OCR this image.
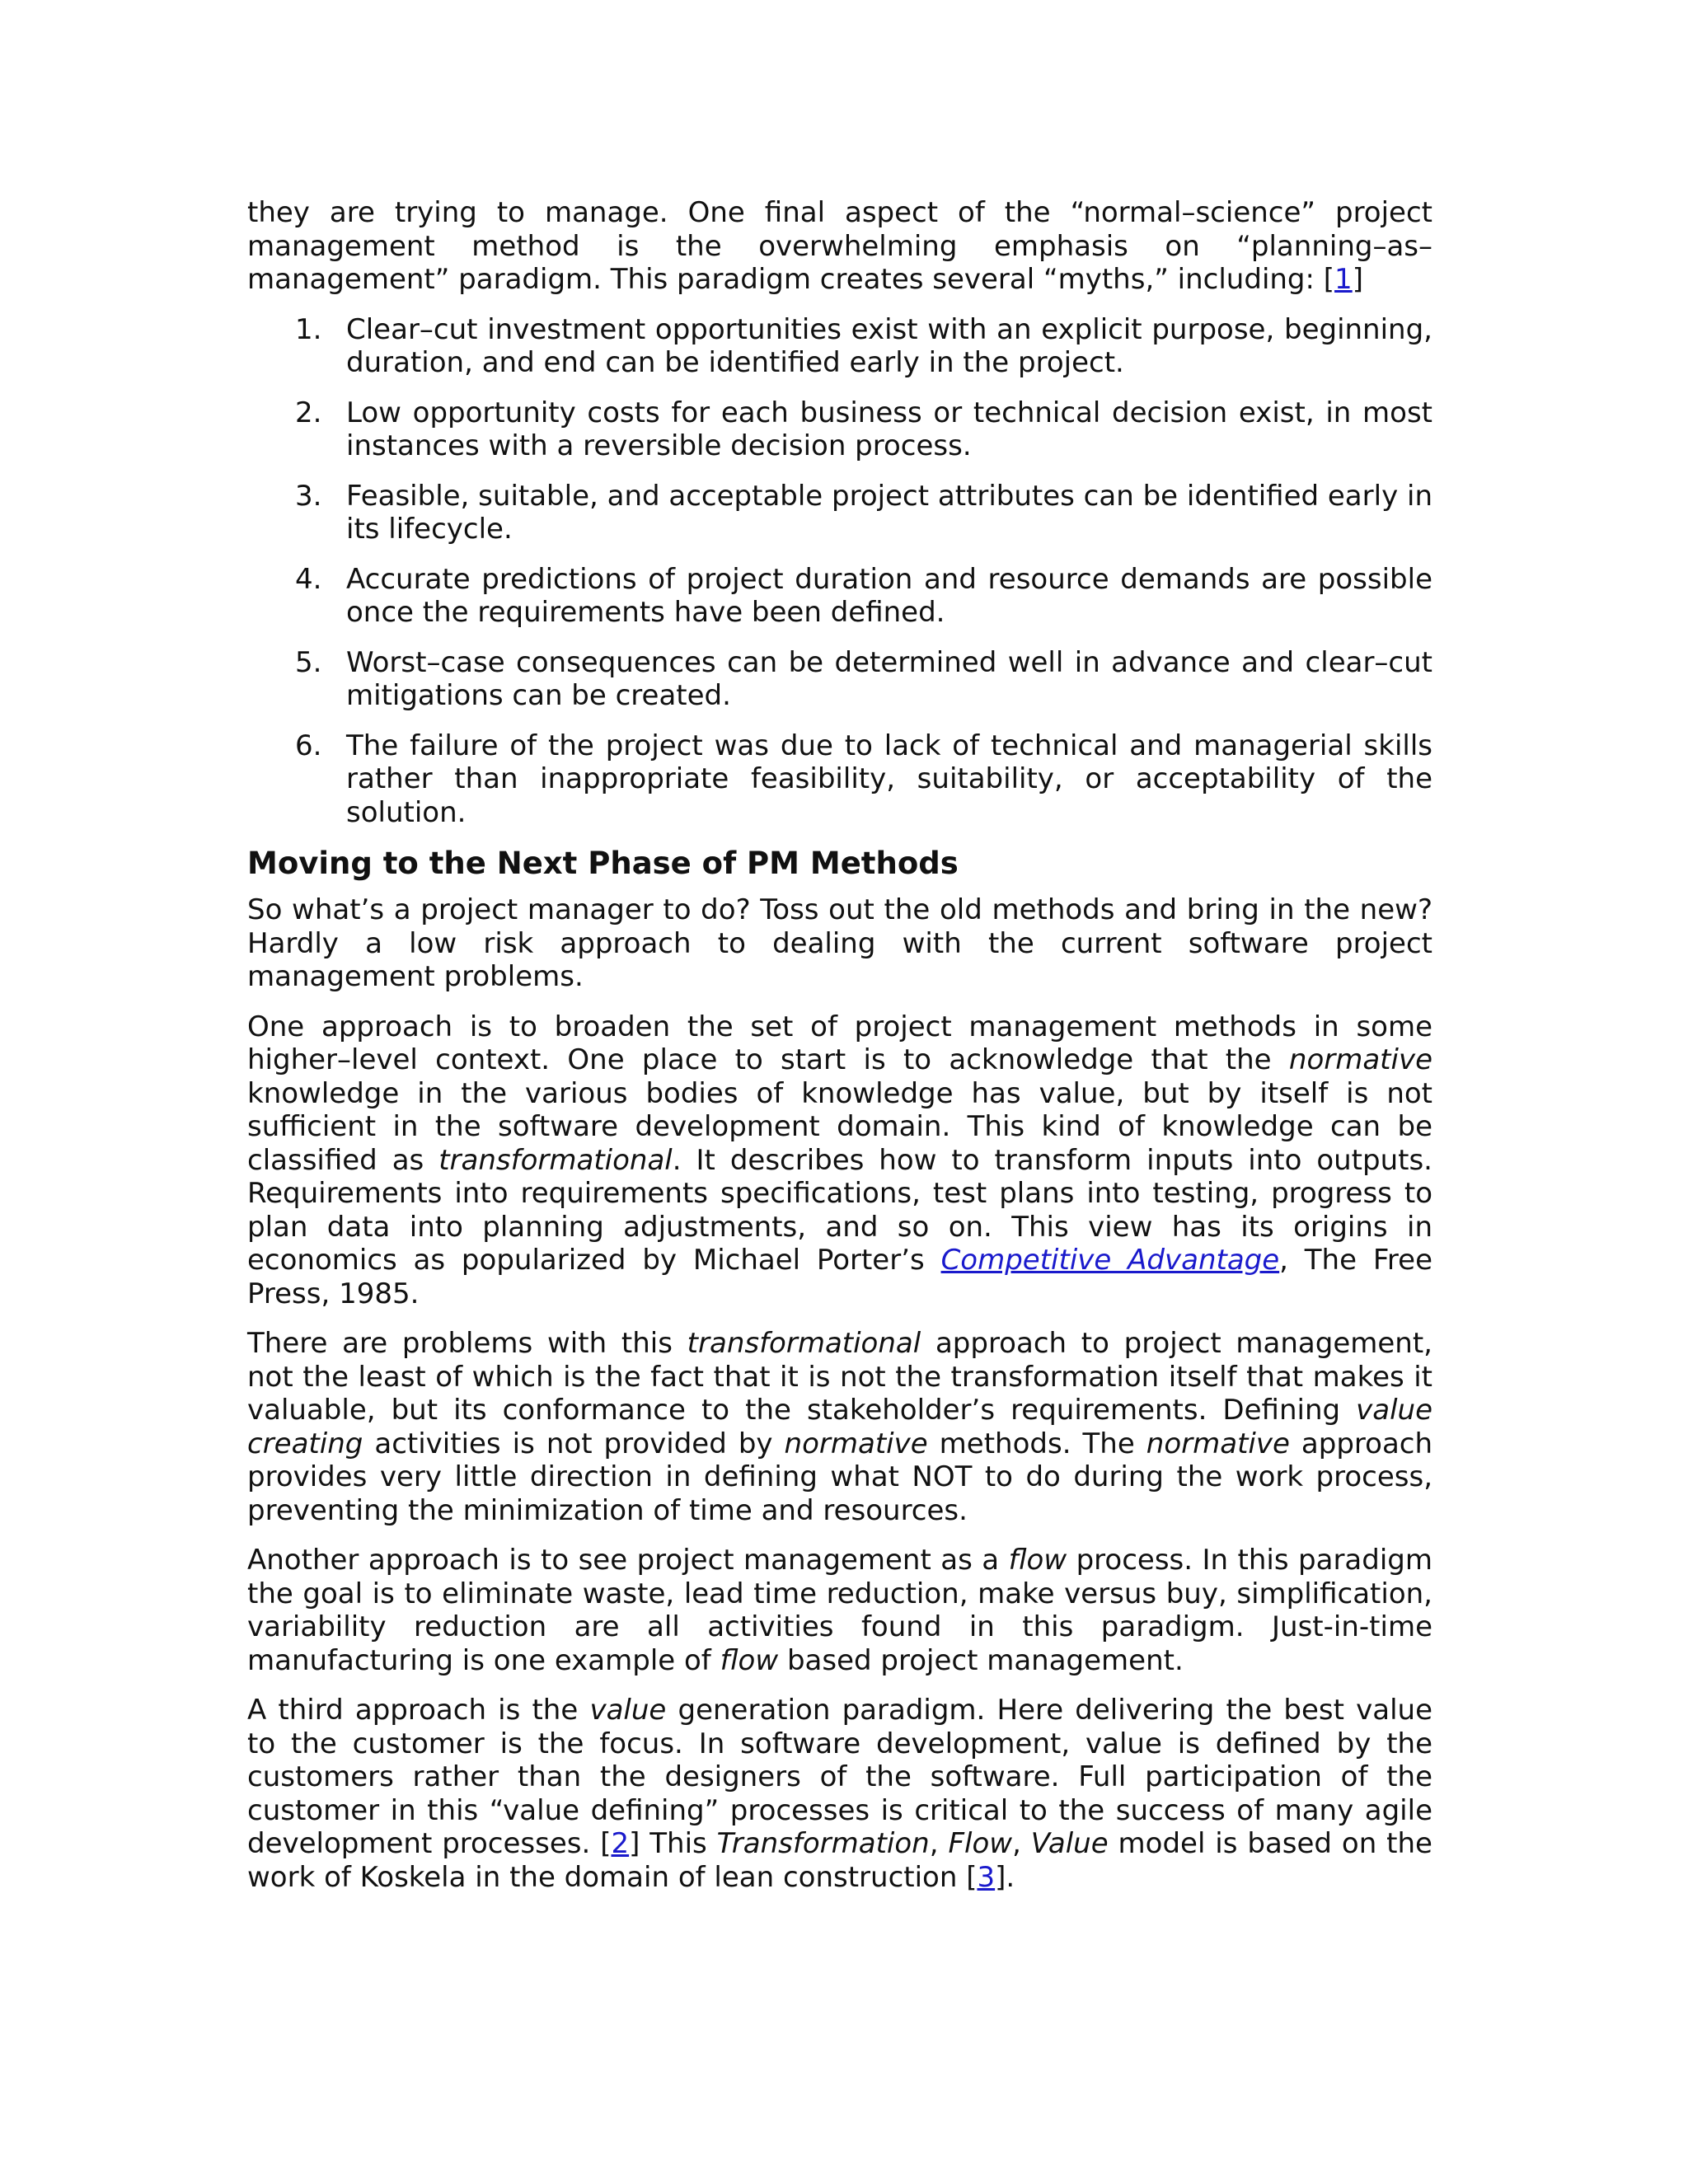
they are trying to manage. One final aspect of the “normal–science” project management method is the overwhelming emphasis on “planning–as–management” paradigm. This paradigm creates several “myths,” including: [1]

1. Clear–cut investment opportunities exist with an explicit purpose, beginning, duration, and end can be identified early in the project.
2. Low opportunity costs for each business or technical decision exist, in most instances with a reversible decision process.
3. Feasible, suitable, and acceptable project attributes can be identified early in its lifecycle.
4. Accurate predictions of project duration and resource demands are possible once the requirements have been defined.
5. Worst–case consequences can be determined well in advance and clear–cut mitigations can be created.
6. The failure of the project was due to lack of technical and managerial skills rather than inappropriate feasibility, suitability, or acceptability of the solution.
Moving to the Next Phase of PM Methods

So what’s a project manager to do? Toss out the old methods and bring in the new? Hardly a low risk approach to dealing with the current software project management problems.

One approach is to broaden the set of project management methods in some higher–level context. One place to start is to acknowledge that the normative knowledge in the various bodies of knowledge has value, but by itself is not sufficient in the software development domain. This kind of knowledge can be classified as transformational. It describes how to transform inputs into outputs. Requirements into requirements specifications, test plans into testing, progress to plan data into planning adjustments, and so on. This view has its origins in economics as popularized by Michael Porter’s Competitive Advantage, The Free Press, 1985.

There are problems with this transformational approach to project management, not the least of which is the fact that it is not the transformation itself that makes it valuable, but its conformance to the stakeholder’s requirements. Defining value creating activities is not provided by normative methods. The normative approach provides very little direction in defining what NOT to do during the work process, preventing the minimization of time and resources.

Another approach is to see project management as a flow process. In this paradigm the goal is to eliminate waste, lead time reduction, make versus buy, simplification, variability reduction are all activities found in this paradigm. Just-in-time manufacturing is one example of flow based project management.

A third approach is the value generation paradigm. Here delivering the best value to the customer is the focus. In software development, value is defined by the customers rather than the designers of the software. Full participation of the customer in this “value defining” processes is critical to the success of many agile development processes. [2] This Transformation, Flow, Value model is based on the work of Koskela in the domain of lean construction [3].
